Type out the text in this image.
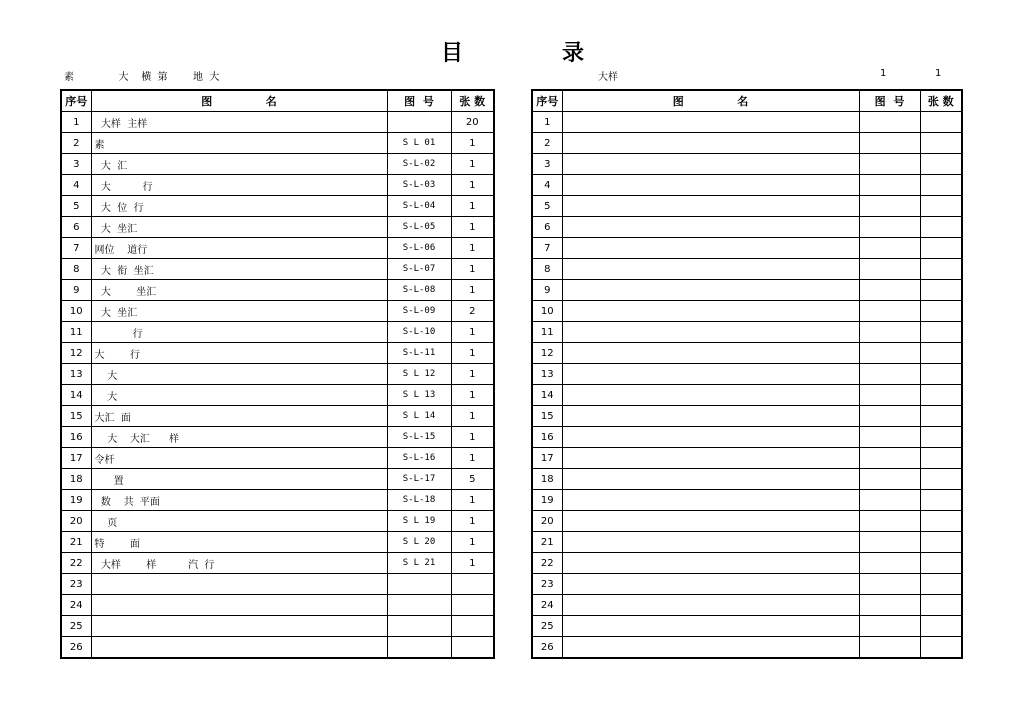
目	录
素              大    横  第        地  大	大样	1	1
序号	图              名	图  号	张 数
1	大样  主样		20
2	素	S L 01	1
3	大  汇	S-L-02	1
4	大          行	S-L-03	1
5	大  位  行	S-L-04	1
6	大  坐汇	S-L-05	1
7	网位    道行	S-L-06	1
8	大  衔  坐汇	S-L-07	1
9	大        坐汇	S-L-08	1
10	大  坐汇	S-L-09	2
11	行	S-L-10	1
12	大        行	S-L-11	1
13	大	S L 12	1
14	大	S L 13	1
15	大汇  面	S L 14	1
16	大    大汇      样	S-L-15	1
17	令杆	S-L-16	1
18	置	S-L-17	5
19	数    共  平面	S-L-18	1
20	页	S L 19	1
21	特        面	S L 20	1
22	大样        样          汽  行	S L 21	1
23			
24			
25			
26			
序号	图              名	图  号	张 数
1			
2			
3			
4			
5			
6			
7			
8			
9			
10			
11			
12			
13			
14			
15			
16			
17			
18			
19			
20			
21			
22			
23			
24			
25			
26			
